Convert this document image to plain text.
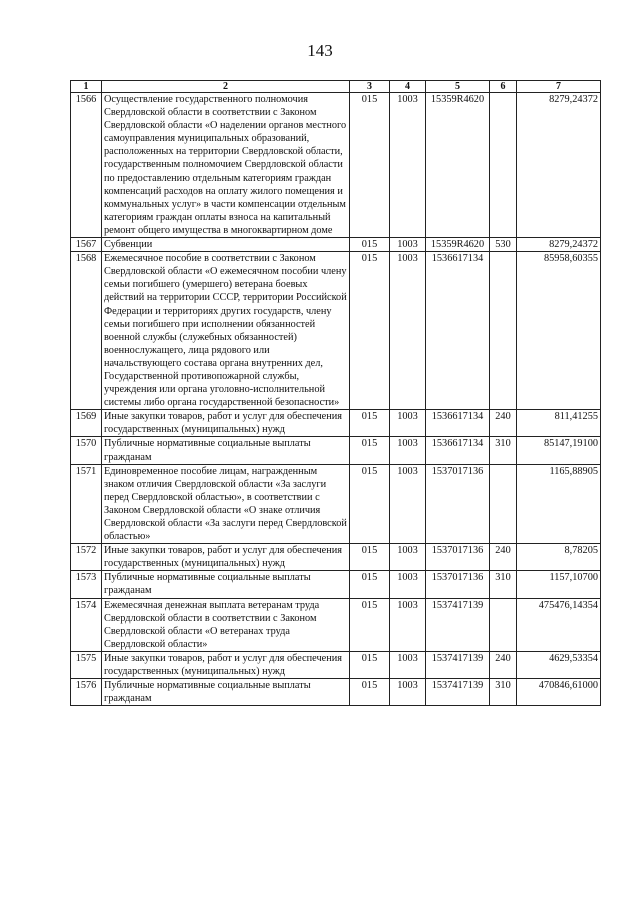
143
1	2	3	4	5	6	7
1566	Осуществление государственного полномочия Свердловской области в соответствии с Законом Свердловской области «О наделении органов местного самоуправления муниципальных образований, расположенных на территории Свердловской области, государственным полномочием Свердловской области по предоставлению отдельным категориям граждан компенсаций расходов на оплату жилого помещения и коммунальных услуг» в части компенсации отдельным категориям граждан оплаты взноса на капитальный ремонт общего имущества в многоквартирном доме	015	1003	15359R4620		8279,24372
1567	Субвенции	015	1003	15359R4620	530	8279,24372
1568	Ежемесячное пособие в соответствии с Законом Свердловской области «О ежемесячном пособии члену семьи погибшего (умершего) ветерана боевых действий на территории СССР, территории Российской Федерации и территориях других государств, члену семьи погибшего при исполнении обязанностей военной службы (служебных обязанностей) военнослужащего, лица рядового или начальствующего состава органа внутренних дел, Государственной противопожарной службы, учреждения или органа уголовно-исполнительной системы либо органа государственной безопасности»	015	1003	1536617134		85958,60355
1569	Иные закупки товаров, работ и услуг для обеспечения государственных (муниципальных) нужд	015	1003	1536617134	240	811,41255
1570	Публичные нормативные социальные выплаты гражданам	015	1003	1536617134	310	85147,19100
1571	Единовременное пособие лицам, награжденным знаком отличия Свердловской области «За заслуги перед Свердловской областью», в соответствии с Законом Свердловской области «О знаке отличия Свердловской области «За заслуги перед Свердловской областью»	015	1003	1537017136		1165,88905
1572	Иные закупки товаров, работ и услуг для обеспечения государственных (муниципальных) нужд	015	1003	1537017136	240	8,78205
1573	Публичные нормативные социальные выплаты гражданам	015	1003	1537017136	310	1157,10700
1574	Ежемесячная денежная выплата ветеранам труда Свердловской области в соответствии с Законом Свердловской области «О ветеранах труда Свердловской области»	015	1003	1537417139		475476,14354
1575	Иные закупки товаров, работ и услуг для обеспечения государственных (муниципальных) нужд	015	1003	1537417139	240	4629,53354
1576	Публичные нормативные социальные выплаты гражданам	015	1003	1537417139	310	470846,61000
